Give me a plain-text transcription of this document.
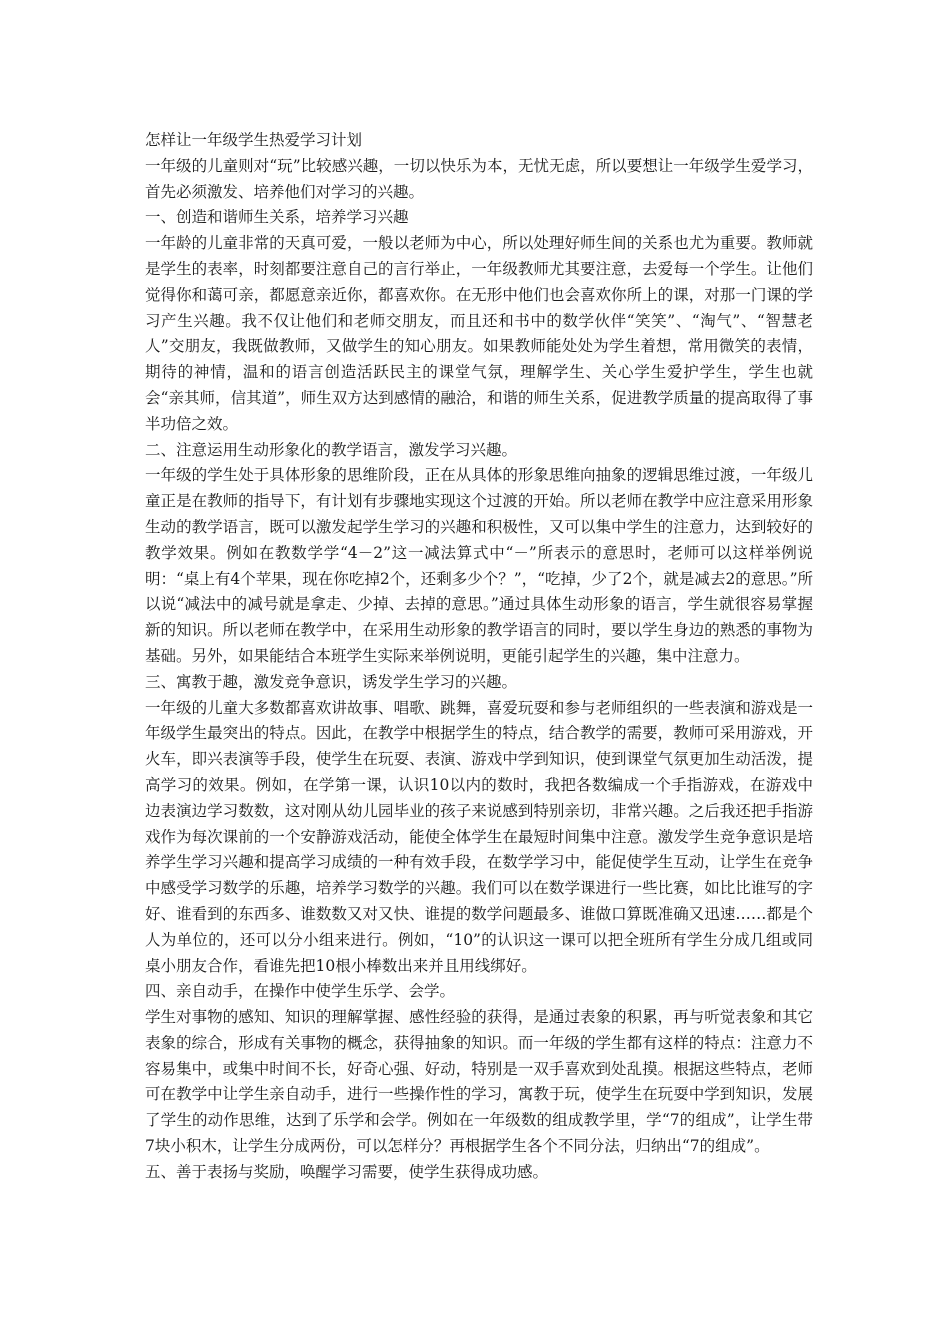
怎样让一年级学生热爱学习计划

一年级的儿童则对“玩”比较感兴趣，一切以快乐为本，无忧无虑，所以要想让一年级学生爱学习，首先必须激发、培养他们对学习的兴趣。

一、创造和谐师生关系，培养学习兴趣

一年龄的儿童非常的天真可爱，一般以老师为中心，所以处理好师生间的关系也尤为重要。教师就是学生的表率，时刻都要注意自己的言行举止，一年级教师尤其要注意，去爱每一个学生。让他们觉得你和蔼可亲，都愿意亲近你，都喜欢你。在无形中他们也会喜欢你所上的课，对那一门课的学习产生兴趣。我不仅让他们和老师交朋友，而且还和书中的数学伙伴“笑笑”、“淘气”、“智慧老人”交朋友，我既做教师，又做学生的知心朋友。如果教师能处处为学生着想，常用微笑的表情，期待的神情，温和的语言创造活跃民主的课堂气氛，理解学生、关心学生爱护学生，学生也就会“亲其师，信其道”，师生双方达到感情的融洽，和谐的师生关系，促进教学质量的提高取得了事半功倍之效。

二、注意运用生动形象化的教学语言，激发学习兴趣。

一年级的学生处于具体形象的思维阶段，正在从具体的形象思维向抽象的逻辑思维过渡，一年级儿童正是在教师的指导下，有计划有步骤地实现这个过渡的开始。所以老师在教学中应注意采用形象生动的教学语言，既可以激发起学生学习的兴趣和积极性，又可以集中学生的注意力，达到较好的教学效果。例如在教数学学“4－2”这一减法算式中“－”所表示的意思时，老师可以这样举例说明：“桌上有4个苹果，现在你吃掉2个，还剩多少个？”，“吃掉，少了2个，就是减去2的意思。”所以说“减法中的减号就是拿走、少掉、去掉的意思。”通过具体生动形象的语言，学生就很容易掌握新的知识。所以老师在教学中，在采用生动形象的教学语言的同时，要以学生身边的熟悉的事物为基础。另外，如果能结合本班学生实际来举例说明，更能引起学生的兴趣，集中注意力。

三、寓教于趣，激发竞争意识，诱发学生学习的兴趣。

一年级的儿童大多数都喜欢讲故事、唱歌、跳舞，喜爱玩耍和参与老师组织的一些表演和游戏是一年级学生最突出的特点。因此，在教学中根据学生的特点，结合教学的需要，教师可采用游戏，开火车，即兴表演等手段，使学生在玩耍、表演、游戏中学到知识，使到课堂气氛更加生动活泼，提高学习的效果。例如，在学第一课，认识10以内的数时，我把各数编成一个手指游戏，在游戏中边表演边学习数数，这对刚从幼儿园毕业的孩子来说感到特别亲切，非常兴趣。之后我还把手指游戏作为每次课前的一个安静游戏活动，能使全体学生在最短时间集中注意。激发学生竞争意识是培养学生学习兴趣和提高学习成绩的一种有效手段，在数学学习中，能促使学生互动，让学生在竞争中感受学习数学的乐趣，培养学习数学的兴趣。我们可以在数学课进行一些比赛，如比比谁写的字好、谁看到的东西多、谁数数又对又快、谁提的数学问题最多、谁做口算既准确又迅速……都是个人为单位的，还可以分小组来进行。例如，“10”的认识这一课可以把全班所有学生分成几组或同桌小朋友合作，看谁先把10根小棒数出来并且用线绑好。

四、亲自动手，在操作中使学生乐学、会学。

学生对事物的感知、知识的理解掌握、感性经验的获得，是通过表象的积累，再与听觉表象和其它表象的综合，形成有关事物的概念，获得抽象的知识。而一年级的学生都有这样的特点：注意力不容易集中，或集中时间不长，好奇心强、好动，特别是一双手喜欢到处乱摸。根据这些特点，老师可在教学中让学生亲自动手，进行一些操作性的学习，寓教于玩，使学生在玩耍中学到知识，发展了学生的动作思维，达到了乐学和会学。例如在一年级数的组成教学里，学“7的组成”，让学生带7块小积木，让学生分成两份，可以怎样分？再根据学生各个不同分法，归纳出“7的组成”。

五、善于表扬与奖励，唤醒学习需要，使学生获得成功感。
